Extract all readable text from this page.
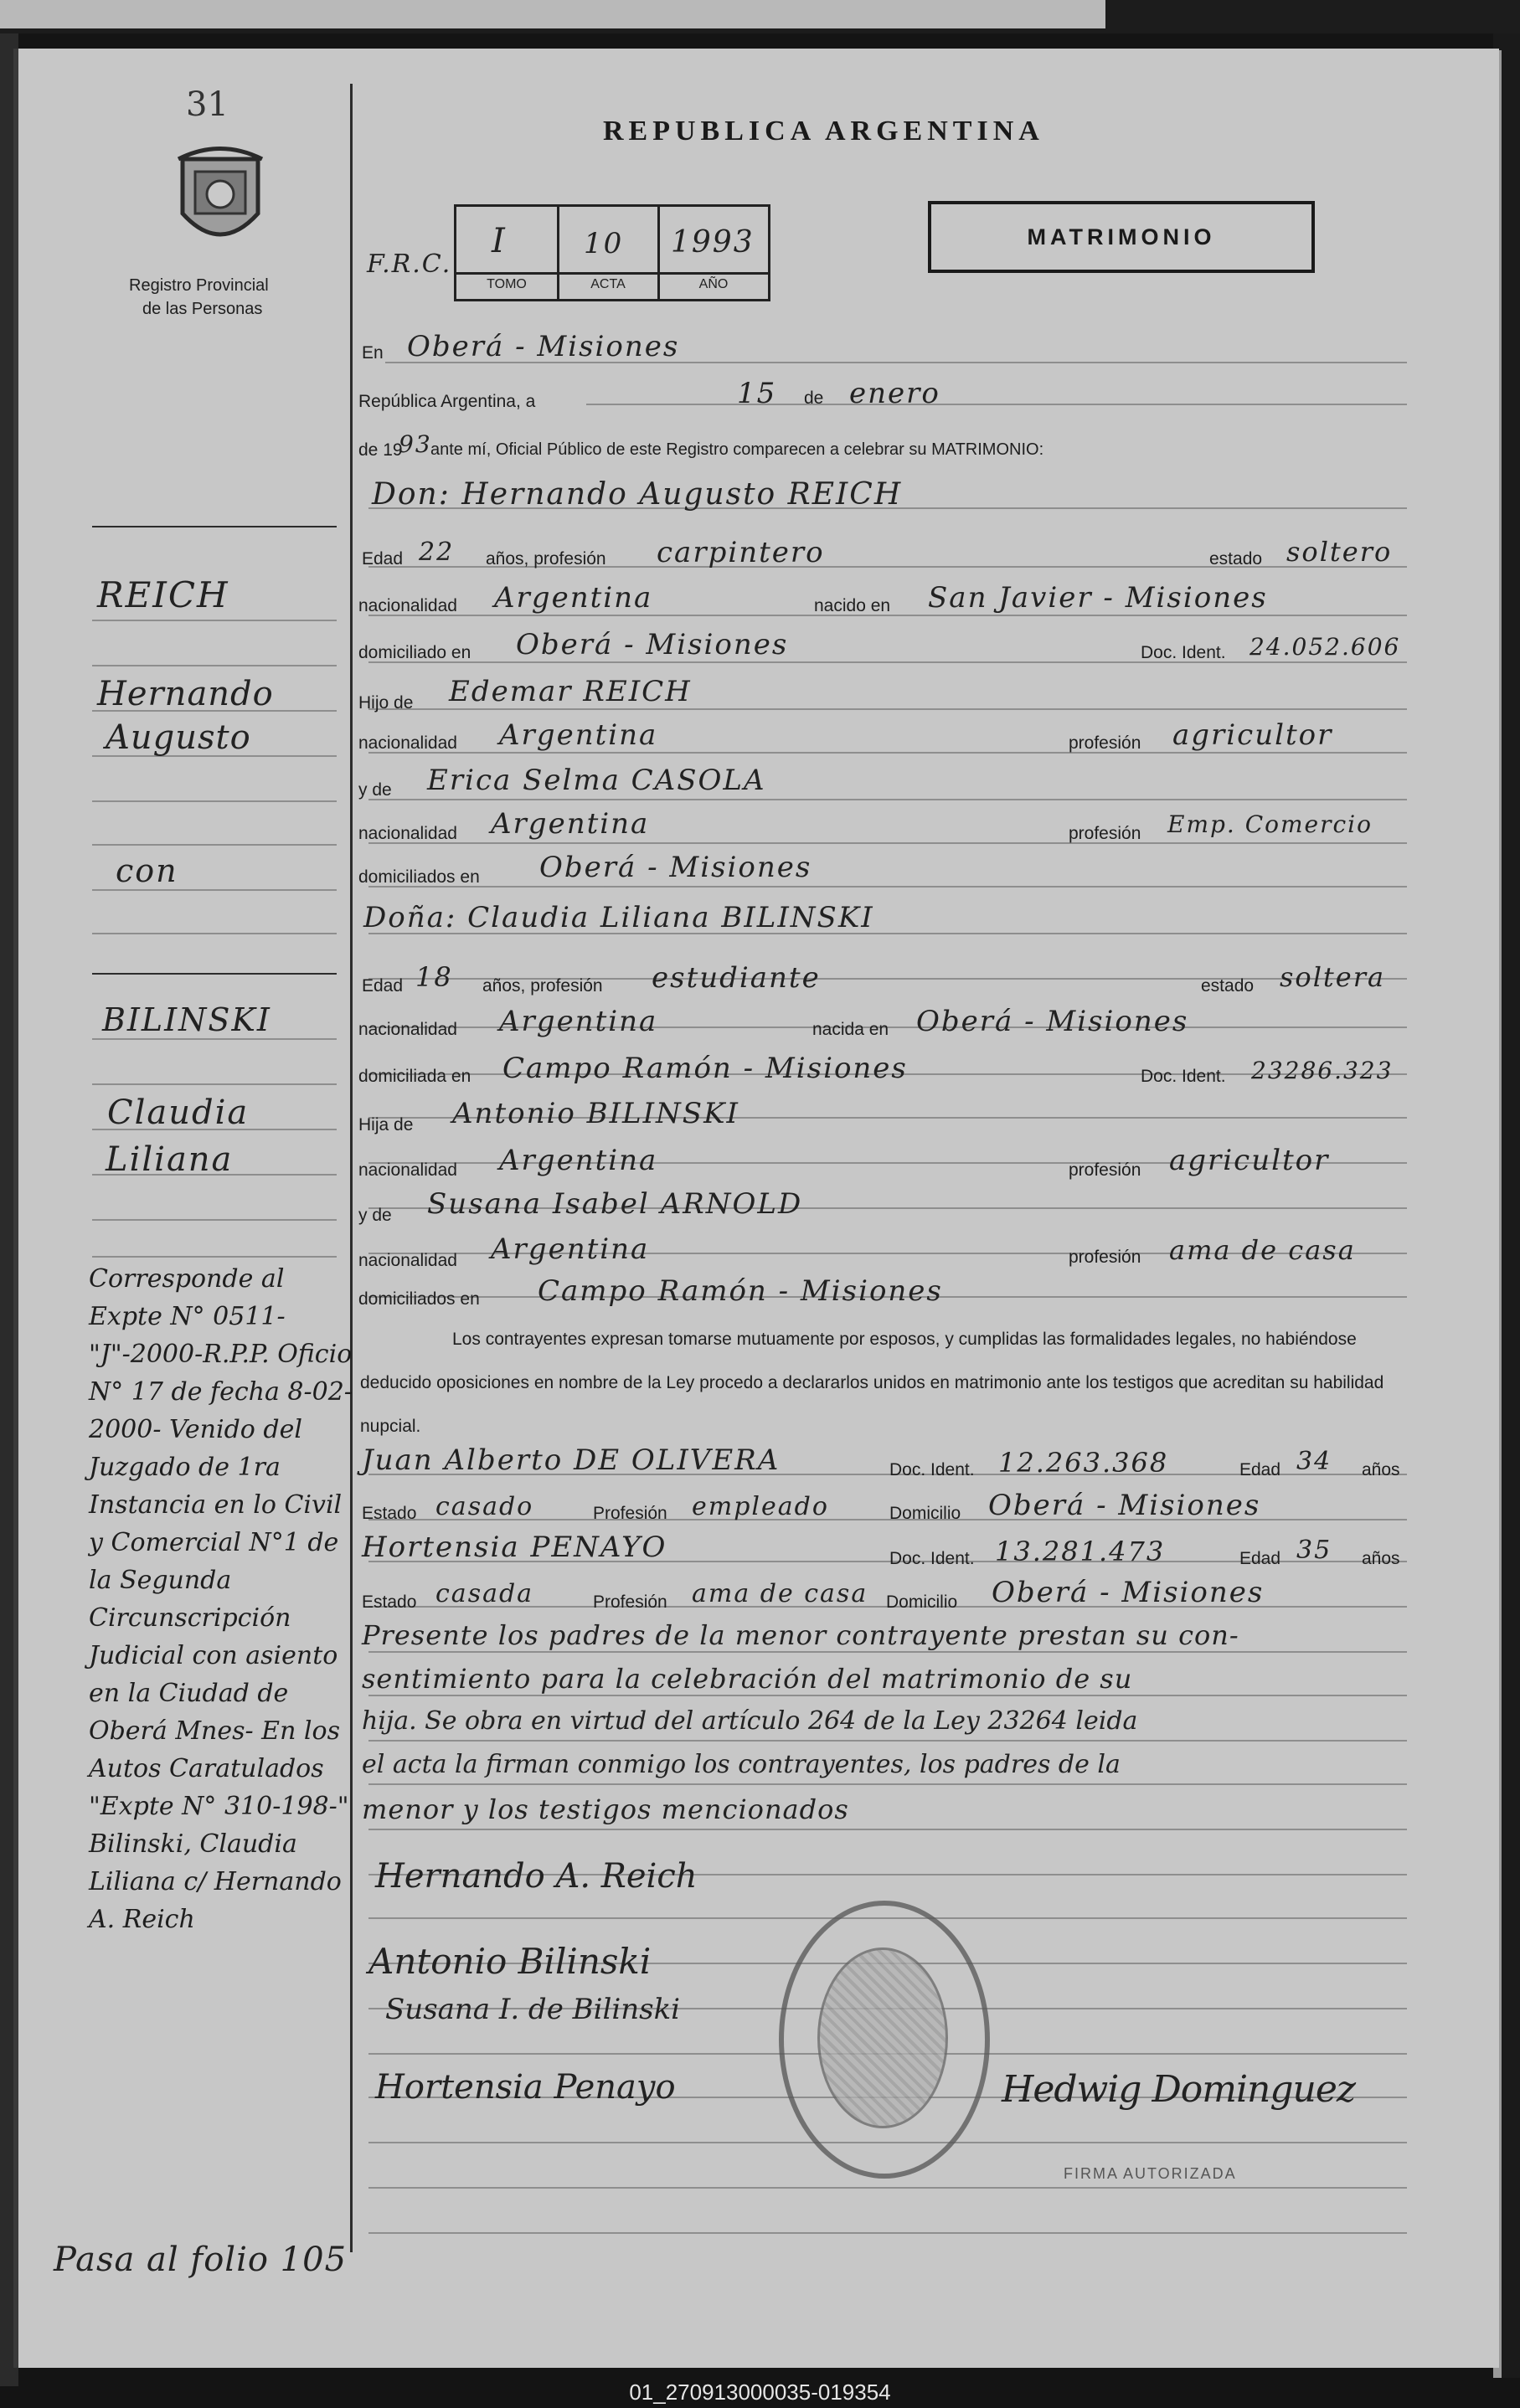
31
Registro Provincial
de las Personas
REPUBLICA ARGENTINA
F.R.C.
I	10 1993
TOMO	ACTA	AÑO
MATRIMONIO
En Oberá - Misiones
República Argentina, a	15 de enero
de 19
93
ante mí, Oficial Público de este Registro comparecen a celebrar su MATRIMONIO:
Don: Hernando Augusto REICH
Edad 22 años, profesión carpintero	estado soltero
nacionalidad Argentina	nacido en San Javier - Misiones
domiciliado en Oberá - Misiones	Doc. Ident. 24.052.606
Hijo de Edemar REICH
nacionalidad Argentina	profesión agricultor
y de Erica Selma CASOLA
nacionalidad Argentina	profesión Emp. Comercio
domiciliados en Oberá - Misiones
Doña: Claudia Liliana BILINSKI
Edad 18 años, profesión estudiante	estado soltera
nacionalidad Argentina	nacida en Oberá - Misiones
domiciliada en Campo Ramón - Misiones	Doc. Ident. 23286.323
Hija de Antonio BILINSKI
nacionalidad Argentina	profesión agricultor
y de Susana Isabel ARNOLD
nacionalidad Argentina	profesión ama de casa
domiciliados en Campo Ramón - Misiones
Los contrayentes expresan tomarse mutuamente por esposos, y cumplidas las formalidades legales, no habiéndose deducido oposiciones en nombre de la Ley procedo a declararlos unidos en matrimonio ante los testigos que acreditan su habilidad nupcial.
Juan Alberto DE OLIVERA	Doc. Ident. 12.263.368	Edad 34 años
Estado casado	Profesión empleado	Domicilio Oberá - Misiones
Hortensia PENAYO	Doc. Ident. 13.281.473	Edad 35 años
Estado casada	Profesión ama de casa Domicilio Oberá - Misiones
Presente los padres de la menor contrayente prestan su con-
sentimiento para la celebración del matrimonio de su
hija. Se obra en virtud del artículo 264 de la Ley 23264 leida
el acta la firman conmigo los contrayentes, los padres de la
menor y los testigos mencionados
Hernando A. Reich
Antonio Bilinski
Susana I. de Bilinski
Hortensia Penayo	Hedwig Dominguez
FIRMA AUTORIZADA
REICH
Hernando
Augusto
con
BILINSKI
Claudia
Liliana
Corresponde al Expte N° 0511- "J"-2000-R.P.P. Oficio N° 17 de fecha 8-02-2000- Venido del Juzgado de 1ra Instancia en lo Civil y Comercial N°1 de la Segunda Circunscripción Judicial con asiento en la Ciudad de Oberá Mnes- En los Autos Caratulados "Expte N° 310-198-" Bilinski, Claudia Liliana c/ Hernando A. Reich
Pasa al folio 105
01_270913000035-019354
